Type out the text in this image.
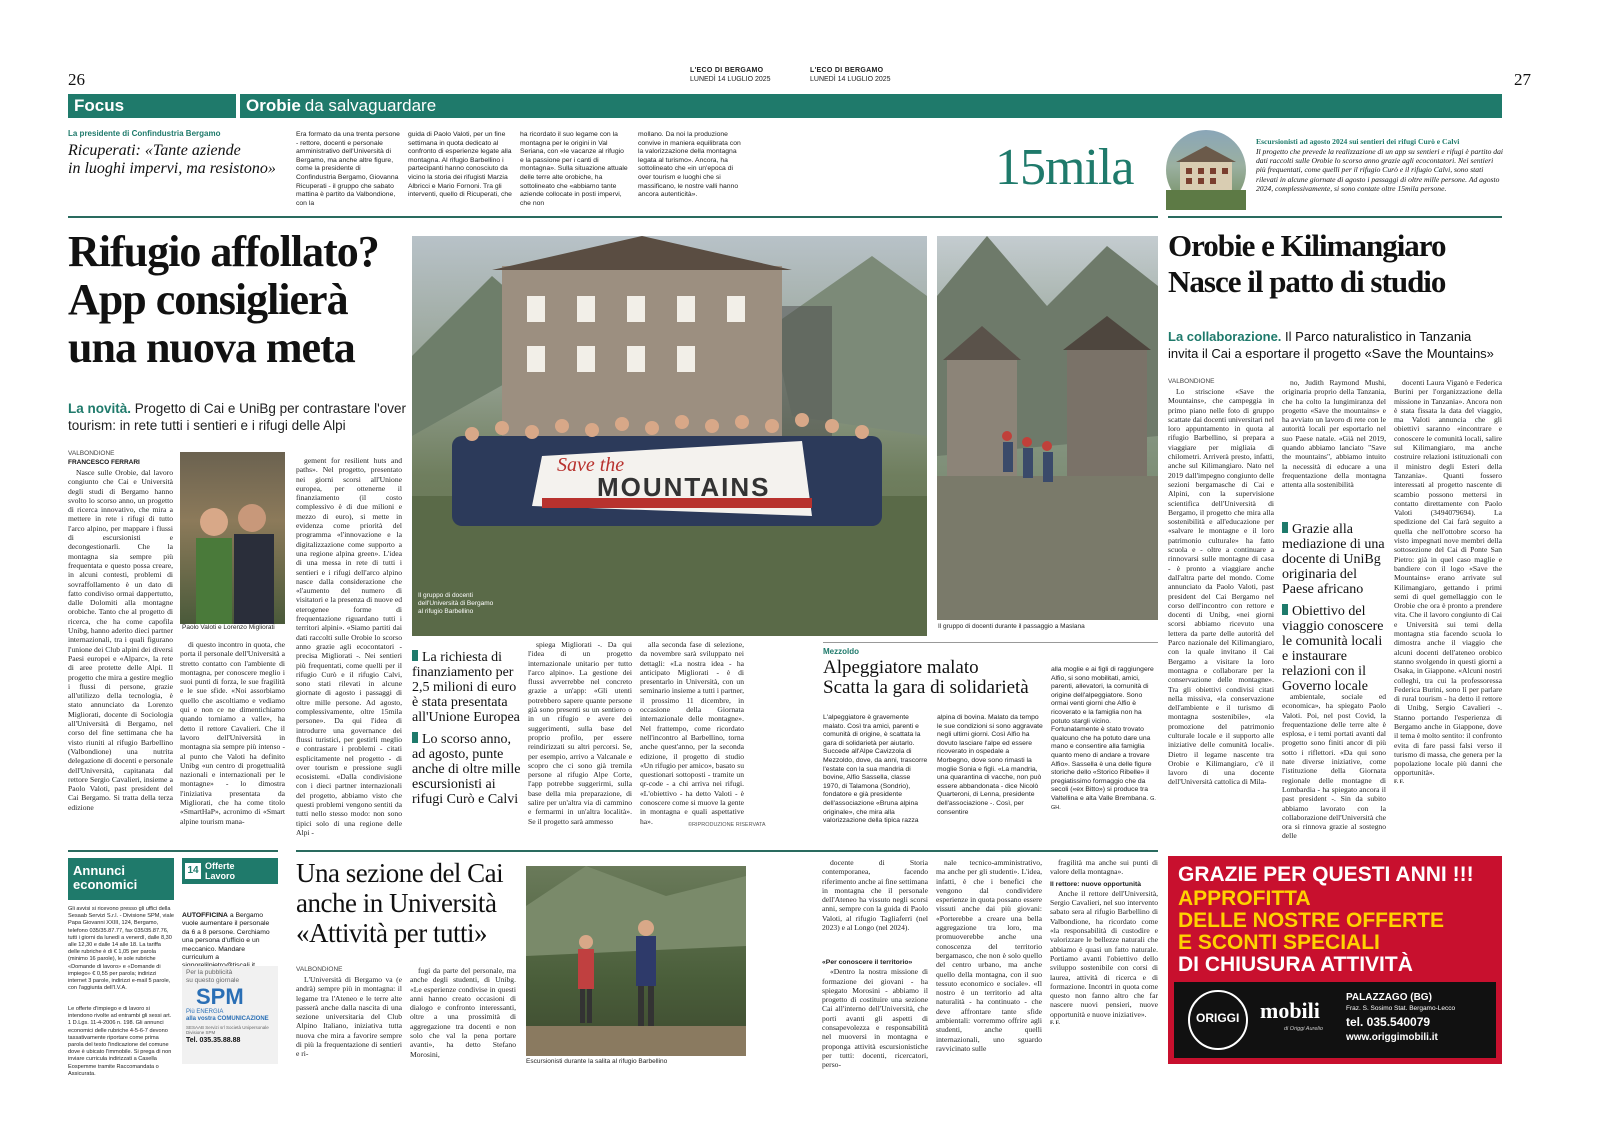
26	27
L'ECO DI BERGAMO
LUNEDÌ 14 LUGLIO 2025
L'ECO DI BERGAMO
LUNEDÌ 14 LUGLIO 2025
Focus	Orobie da salvaguardare
La presidente di Confindustria Bergamo
Ricuperati: «Tante aziende
in luoghi impervi, ma resistono»
Era formato da una trenta persone - rettore, docenti e personale amministrativo dell'Università di Bergamo, ma anche altre figure, come la presidente di Confindustria Bergamo, Giovanna Ricuperati - il gruppo che sabato mattina è partito da Valbondione, con la
guida di Paolo Valoti, per un fine settimana in quota dedicato al confronto di esperienze legate alla montagna. Al rifugio Barbellino i partecipanti hanno conosciuto da vicino la storia dei rifugisti Marzia Albricci e Mario Fornoni. Tra gli interventi, quello di Ricuperati, che
ha ricordato il suo legame con la montagna per le origini in Val Seriana, con «le vacanze al rifugio e la passione per i canti di montagna». Sulla situazione attuale delle terre alte orobiche, ha sottolineato che «abbiamo tante aziende collocate in posti impervi, che non
mollano. Da noi la produzione convive in maniera equilibrata con la valorizzazione della montagna legata al turismo». Ancora, ha sottolineato che «in un'epoca di over tourism e luoghi che si massificano, le nostre valli hanno ancora autenticità».	15mila	Escursionisti ad agosto 2024 sui sentieri dei rifugi Curò e Calvi
Il progetto che prevede la realizzazione di un app su sentieri e rifugi è partito dai dati raccolti sulle Orobie lo scorso anno grazie agli ecocontatori. Nei sentieri più frequentati, come quelli per il rifugio Curò e il rifugio Calvi, sono stati rilevati in alcune giornate di agosto i passaggi di oltre mille persone. Ad agosto 2024, complessivamente, si sono contate oltre 15mila persone.
Rifugio affollato?
App consiglierà
una nuova meta
La novità. Progetto di Cai e UniBg per contrastare l'over tourism: in rete tutti i sentieri e i rifugi delle Alpi
VALBONDIONE
FRANCESCO FERRARI

Nasce sulle Orobie, dal lavoro congiunto che Cai e Università degli studi di Bergamo hanno svolto lo scorso anno, un progetto di ricerca innovativo, che mira a mettere in rete i rifugi di tutto l'arco alpino, per mappare i flussi di escursionisti e decongestionarli. Che la montagna sia sempre più frequentata e questo possa creare, in alcuni contesti, problemi di sovraffollamento è un dato di fatto condiviso ormai dappertutto, dalle Dolomiti alla montagne orobiche. Tanto che al progetto di ricerca, che ha come capofila Unibg, hanno aderito dieci partner internazionali, tra i quali figurano l'unione dei Club alpini dei diversi Paesi europei e «Alparc», la rete di aree protette delle Alpi. Il progetto che mira a gestire meglio i flussi di persone, grazie all'utilizzo della tecnologia, è stato annunciato da Lorenzo Migliorati, docente di Sociologia all'Università di Bergamo, nel corso del fine settimana che ha visto riuniti al rifugio Barbellino (Valbondione) una nutrita delegazione di docenti e personale dell'Università, capitanata dal rettore Sergio Cavalieri, insieme a Paolo Valoti, past president del Cai Bergamo. Si tratta della terza edizione

Paolo Valoti e Lorenzo Migliorati

di questo incontro in quota, che porta il personale dell'Università a stretto contatto con l'ambiente di montagna, per conoscere meglio i suoi punti di forza, le sue fragilità e le sue sfide. «Noi assorbiamo quello che ascoltiamo e vediamo qui e non ce ne dimentichiamo quando torniamo a valle», ha detto il rettore Cavalieri. Che il lavoro dell'Università in montagna sia sempre più intenso - al punto che Valoti ha definito Unibg «un centro di progettualità nazionali e internazionali per le montagne» - lo dimostra l'iniziativa presentata da Migliorati, che ha come titolo «SmartHaP», acronimo di «Smart alpine tourism mana-

gement for resilient huts and paths». Nel progetto, presentato nei giorni scorsi all'Unione europea, per ottenerne il finanziamento (il costo complessivo è di due milioni e mezzo di euro), si mette in evidenza come priorità del programma «l'innovazione e la digitalizzazione come supporto a una regione alpina green». L'idea di una messa in rete di tutti i sentieri e i rifugi dell'arco alpino nasce dalla considerazione che «l'aumento del numero di visitatori e la presenza di nuove ed eterogenee forme di frequentazione riguardano tutti i territori alpini». «Siamo partiti dai dati raccolti sulle Orobie lo scorso anno grazie agli ecocontatori - precisa Migliorati -. Nei sentieri più frequentati, come quelli per il rifugio Curò e il rifugio Calvi, sono stati rilevati in alcune giornate di agosto i passaggi di oltre mille persone. Ad agosto, complessivamente, oltre 15mila persone». Da qui l'idea di introdurre una governance dei flussi turistici, per gestirli meglio e contrastare i problemi - citati esplicitamente nel progetto - di over tourism e pressione sugli ecosistemi. «Dalla condivisione con i dieci partner internazionali del progetto, abbiamo visto che questi problemi vengono sentiti da tutti nello stesso modo: non sono tipici solo di una regione delle Alpi -

Save the
MOUNTAINS
Il gruppo di docenti
dell'Università di Bergamo
al rifugio Barbellino
La richiesta di finanziamento per 2,5 milioni di euro è stata presentata all'Unione Europea
Lo scorso anno, ad agosto, punte anche di oltre mille escursionisti ai rifugi Curò e Calvi

spiega Migliorati -. Da qui l'idea di un progetto internazionale unitario per tutto l'arco alpino». La gestione dei flussi avverrebbe nel concreto grazie a un'app: «Gli utenti potrebbero sapere quante persone già sono presenti su un sentiero o in un rifugio e avere dei suggerimenti, sulla base del proprio profilo, per essere reindirizzati su altri percorsi. Se, per esempio, arrivo a Valcanale e scopro che ci sono già tremila persone al rifugio Alpe Corte, l'app potrebbe suggerirmi, sulla base della mia preparazione, di salire per un'altra via di cammino e fermarmi in un'altra località». Se il progetto sarà ammesso

alla seconda fase di selezione, da novembre sarà sviluppato nei dettagli: «La nostra idea - ha anticipato Migliorati - è di presentarlo in Università, con un seminario insieme a tutti i partner, il prossimo 11 dicembre, in occasione della Giornata internazionale delle montagne». Nel frattempo, come ricordato nell'incontro al Barbellino, torna anche quest'anno, per la seconda edizione, il progetto di studio «Un rifugio per amico», basato su questionari sottoposti - tramite un qr-code - a chi arriva nei rifugi. «L'obiettivo - ha detto Valoti - è conoscere come si muove la gente in montagna e quali aspettative ha».	©RIPRODUZIONE RISERVATA
Il gruppo di docenti durante il passaggio a Maslana
Mezzoldo
Alpeggiatore malato
Scatta la gara di solidarietà
L'alpeggiatore è gravemente malato. Così tra amici, parenti e comunità di origine, è scattata la gara di solidarietà per aiutarlo. Succede all'Alpe Cavizzola di Mezzoldo, dove, da anni, trascorre l'estate con la sua mandria di bovine, Alfio Sassella, classe 1970, di Talamona (Sondrio), fondatore e già presidente dell'associazione «Bruna alpina originale», che mira alla valorizzazione della tipica razza
alpina di bovina. Malato da tempo le sue condizioni si sono aggravate negli ultimi giorni. Così Alfio ha dovuto lasciare l'alpe ed essere ricoverato in ospedale a Morbegno, dove sono rimasti la moglie Sonia e figli. «La mandria, una quarantina di vacche, non può essere abbandonata - dice Nicolò Quarteroni, di Lenna, presidente dell'associazione -. Così, per consentire
alla moglie e ai figli di raggiungere Alfio, si sono mobilitati, amici, parenti, allevatori, la comunità di origine dell'alpeggiatore. Sono ormai venti giorni che Alfio è ricoverato e la famiglia non ha potuto stargli vicino. Fortunatamente è stato trovato qualcuno che ha potuto dare una mano e consentire alla famiglia quanto meno di andare a trovare Alfio». Sassella è una delle figure storiche dello «Storico Ribelle» il pregiatissimo formaggio che da secoli («ex Bitto») si produce tra Valtellina e alta Valle Brembana. G. GH.
Orobie e Kilimangiaro
Nasce il patto di studio
La collaborazione. Il Parco naturalistico in Tanzania invita il Cai a esportare il progetto «Save the Mountains»
VALBONDIONE

Lo striscione «Save the Mountains», che campeggia in primo piano nelle foto di gruppo scattate dai docenti universitari nel loro appuntamento in quota al rifugio Barbellino, si prepara a viaggiare per migliaia di chilometri. Arriverà presto, infatti, anche sul Kilimangiaro. Nato nel 2019 dall'impegno congiunto delle sezioni bergamasche di Cai e Alpini, con la supervisione scientifica dell'Università di Bergamo, il progetto che mira alla sostenibilità e all'educazione per «salvare le montagne e il loro patrimonio culturale» ha fatto scuola e - oltre a continuare a rinnovarsi sulle montagne di casa - è pronto a viaggiare anche dall'altra parte del mondo. Come annunciato da Paolo Valoti, past president del Cai Bergamo nel corso dell'incontro con rettore e docenti di Unibg, «nei giorni scorsi abbiamo ricevuto una lettera da parte delle autorità del Parco nazionale del Kilimangiaro, con la quale invitano il Cai Bergamo a visitare la loro montagna e collaborare per la conservazione delle montagne». Tra gli obiettivi condivisi citati nella missiva, «la conservazione dell'ambiente e il turismo di montagna sostenibile», «la promozione del patrimonio culturale locale e il supporto alle iniziative delle comunità locali». Dietro il legame nascente tra Orobie e Kilimangiaro, c'è il lavoro di una docente dell'Università cattolica di Mila-

no, Judith Raymond Mushi, originaria proprio della Tanzania, che ha colto la lungimiranza del progetto «Save the mountains» e ha avviato un lavoro di rete con le autorità locali per esportarlo nel suo Paese natale. «Già nel 2019, quando abbiamo lanciato "Save the mountains", abbiamo intuito la necessità di educare a una frequentazione della montagna attenta alla sostenibilità

Grazie alla mediazione di una docente di UniBg originaria del Paese africano
Obiettivo del viaggio conoscere le comunità locali e instaurare relazioni con il Governo locale

ambientale, sociale ed economica», ha spiegato Paolo Valoti. Poi, nel post Covid, la frequentazione delle terre alte è esplosa, e i temi portati avanti dal progetto sono finiti ancor di più sotto i riflettori. «Da qui sono nate diverse iniziative, come l'istituzione della Giornata regionale delle montagne di Lombardia - ha spiegato ancora il past president -. Sin da subito abbiamo lavorato con la collaborazione dell'Università che ora si rinnova grazie al sostegno delle

docenti Laura Viganò e Federica Burini per l'organizzazione della missione in Tanzania». Ancora non è stata fissata la data del viaggio, ma Valoti annuncia che gli obiettivi saranno «incontrare e conoscere le comunità locali, salire sul Kilimangiaro, ma anche costruire relazioni istituzionali con il ministro degli Esteri della Tanzania». Quanti fossero interessati al progetto nascente di scambio possono mettersi in contatto direttamente con Paolo Valoti (3494079694). La spedizione del Cai farà seguito a quella che nell'ottobre scorso ha visto impegnati nove membri della sottosezione del Cai di Ponte San Pietro: già in quel caso maglie e bandiere con il logo «Save the Mountains» erano arrivate sul Kilimangiaro, gettando i primi semi di quel gemellaggio con le Orobie che ora è pronto a prendere vita. Che il lavoro congiunto di Cai e Università sui temi della montagna stia facendo scuola lo dimostra anche il viaggio che alcuni docenti dell'ateneo orobico stanno svolgendo in questi giorni a Osaka, in Giappone. «Alcuni nostri colleghi, tra cui la professoressa Federica Burini, sono lì per parlare di rural tourism - ha detto il rettore di Unibg, Sergio Cavalieri -. Stanno portando l'esperienza di Bergamo anche in Giappone, dove il tema è molto sentito: il confronto evita di fare passi falsi verso il turismo di massa, che genera per la popolazione locale più danni che opportunità».

F. F.
Annunci
economici
Gli avvisi si ricevono presso gli uffici della Sesaab Servizi S.r.l. - Divisione SPM, viale Papa Giovanni XXIII, 124, Bergamo, telefono 035/35.87.77, fax 035/35.87.76, tutti i giorni da lunedì a venerdì, dalle 8,30 alle 12,30 e dalle 14 alle 18. La tariffa delle rubriche è di € 1,05 per parola (minimo 16 parole), le sole rubriche «Domande di lavoro» e «Domande di impiego» € 0,55 per parola; indirizzi internet 3 parole, indirizzi e-mail 5 parole, con l'aggiunta dell'I.V.A.
Le offerte d'impiego e di lavoro si intendono rivolte ad entrambi gli sessi art. 1 D.Lgs. 11-4-2006 n. 198. Gli annunci economici delle rubriche 4-5-6-7 devono tassativamente riportare come prima parola del testo l'indicazione del comune dove è ubicato l'immobile. Si prega di non inviare curricula indirizzati a Casella Eospemme tramite Raccomandata o Assicurata.
14 Offerte
Lavoro
AUTOFFICINA a Bergamo vuole aumentare il personale da 6 a 8 persone. Cerchiamo una persona d'ufficio e un meccanico. Mandare curriculum a
Per la pubblicità
su questo giornale
SPM
Più ENERGIA
alla vostra COMUNICAZIONE
SESAAB Servizi srl Società Unipersonale Divisione SPM
Tel. 035.35.88.88
Una sezione del Cai
anche in Università
«Attività per tutti»
VALBONDIONE

L'Università di Bergamo va (e andrà) sempre più in montagna: il legame tra l'Ateneo e le terre alte passerà anche dalla nascita di una sezione universitaria del Club Alpino Italiano, iniziativa tutta nuova che mira a favorire sempre di più la frequentazione di sentieri e ri-

fugi da parte del personale, ma anche degli studenti, di Unibg. «Le esperienze condivise in questi anni hanno creato occasioni di dialogo e confronto interessanti, oltre a una prossimità di aggregazione tra docenti e non solo che val la pena portare avanti», ha detto Stefano Morosini,

Escursionisti durante la salita al rifugio Barbellino

docente di Storia contemporanea, facendo riferimento anche ai fine settimana in montagna che il personale dell'Ateneo ha vissuto negli scorsi anni, sempre con la guida di Paolo Valoti, al rifugio Tagliaferri (nel 2023) e al Longo (nel 2024).

«Per conoscere il territorio»

«Dentro la nostra missione di formazione dei giovani - ha spiegato Morosini - abbiamo il progetto di costituire una sezione Cai all'interno dell'Università, che porti avanti gli aspetti di consapevolezza e responsabilità nel muoversi in montagna e proponga attività escursionistiche per tutti: docenti, ricercatori, perso-

nale tecnico-amministrativo, ma anche per gli studenti». L'idea, infatti, è che i benefici che vengono dal condividere esperienze in quota possano essere vissuti anche dai più giovani: «Porterebbe a creare una bella aggregazione tra loro, ma promuoverebbe anche una conoscenza del territorio bergamasco, che non è solo quello del centro urbano, ma anche quello della montagna, con il suo tessuto economico e sociale». «Il nostro è un territorio ad alta naturalità - ha continuato - che deve affrontare tante sfide ambientali: vorremmo offrire agli studenti, anche quelli internazionali, uno sguardo ravvicinato sulle

fragilità ma anche sui punti di valore della montagna».

Il rettore: nuove opportunità

Anche il rettore dell'Università, Sergio Cavalieri, nel suo intervento sabato sera al rifugio Barbellino di Valbondione, ha ricordato come «la responsabilità di custodire e valorizzare le bellezze naturali che abbiamo è quasi un fatto naturale. Portiamo avanti l'obiettivo dello sviluppo sostenibile con corsi di laurea, attività di ricerca e di formazione. Incontri in quota come questo non fanno altro che far nascere nuovi pensieri, nuove opportunità e nuove iniziative».

F. F.
GRAZIE PER QUESTI ANNI !!!
APPROFITTA
DELLE NOSTRE OFFERTE
E SCONTI SPECIALI
DI CHIUSURA ATTIVITÀ
ORIGGI mobili
di Origgi Aurelio
PALAZZAGO (BG)
Fraz. S. Sosimo Stat. Bergamo-Lecco
tel. 035.540079
www.origgimobili.it
